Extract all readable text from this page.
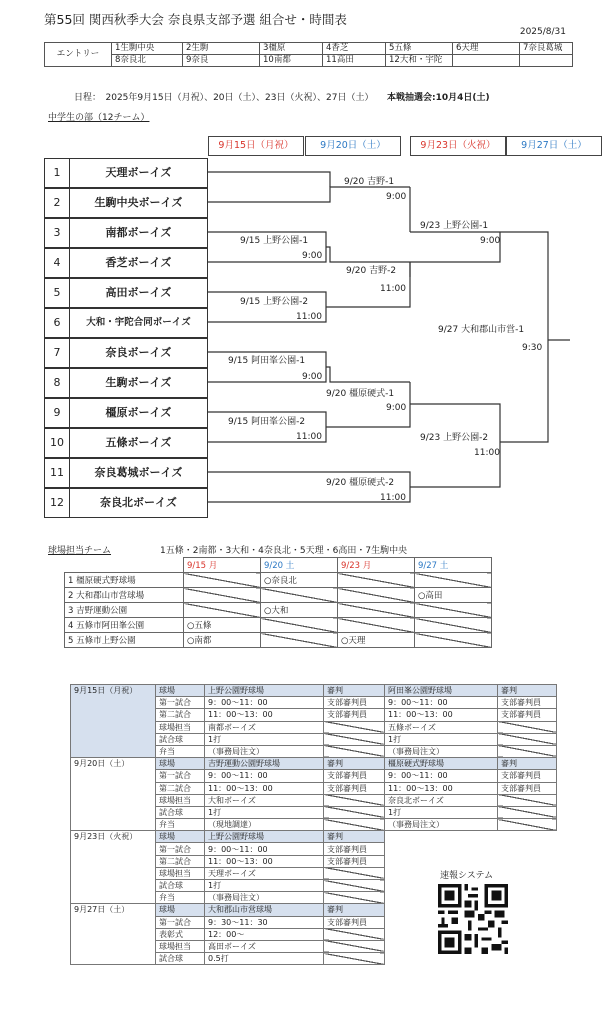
第55回 関西秋季大会 奈良県支部予選 組合せ・時間表
2025/8/31
エントリー	1生駒中央	2生駒	3橿原	4香芝	5五條	6天理	7奈良葛城
	8奈良北	9奈良	10南都	11高田	12大和・宇陀		
日程：　2025年9月15日（月祝）、20日（土）、23日（火祝）、27日（土）　　 本戦抽選会:10月4日(土)
中学生の部（12チーム）
9月15日（月祝）	9月20日（土）	9月23日（火祝）	9月27日（土）
1	天理ボーイズ
2	生駒中央ボーイズ
3	南都ボーイズ
4	香芝ボーイズ
5	高田ボーイズ
6	大和・宇陀合同ボーイズ
7	奈良ボーイズ
8	生駒ボーイズ
9	橿原ボーイズ
10	五條ボーイズ
11	奈良葛城ボーイズ
12	奈良北ボーイズ
9/20 吉野-1
9:00
9/15 上野公園-1
9:00
9/23 上野公園-1
9:00
9/20 吉野-2
11:00
9/15 上野公園-2
11:00
9/27 大和郡山市営-1
9:30
9/15 阿田峯公園-1
9:00
9/20 橿原硬式-1
9:00
9/15 阿田峯公園-2
11:00	9/23 上野公園-2
11:00
9/20 橿原硬式-2
11:00
球場担当チーム	1五條・2南都・3大和・4奈良北・5天理・6高田・7生駒中央
	9/15 月	9/20 土	9/23 月	9/27 土
1 橿原硬式野球場		○奈良北		
2 大和郡山市営球場				○高田
3 吉野運動公園		○大和		
4 五條市阿田峯公園	○五條			
5 五條市上野公園	○南都		○天理	
9月15日（月祝）	球場	上野公園野球場	審判	阿田峯公園野球場	審判
	第一試合	9：00～11：00	支部審判員	9：00～11：00	支部審判員
	第二試合	11：00～13：00	支部審判員	11：00～13：00	支部審判員
	球場担当	南都ボーイズ		五條ボーイズ	
	試合球	1打		1打	
	弁当	（事務局注文）		（事務局注文）	
9月20日（土）	球場	吉野運動公園野球場	審判	橿原硬式野球場	審判
	第一試合	9：00～11：00	支部審判員	9：00～11：00	支部審判員
	第二試合	11：00～13：00	支部審判員	11：00～13：00	支部審判員
	球場担当	大和ボーイズ		奈良北ボーイズ	
	試合球	1打		1打	
	弁当	（現地調達）		（事務局注文）	
9月23日（火祝）	球場	上野公園野球場	審判		
	第一試合	9：00～11：00	支部審判員		
	第二試合	11：00～13：00	支部審判員		
	球場担当	天理ボーイズ			
	試合球	1打			
	弁当	（事務局注文）			
9月27日（土）	球場	大和郡山市営球場	審判		
	第一試合	9：30～11：30	支部審判員		
	表彰式	12：00～			
	球場担当	高田ボーイズ			
	試合球	0.5打			
速報システム
